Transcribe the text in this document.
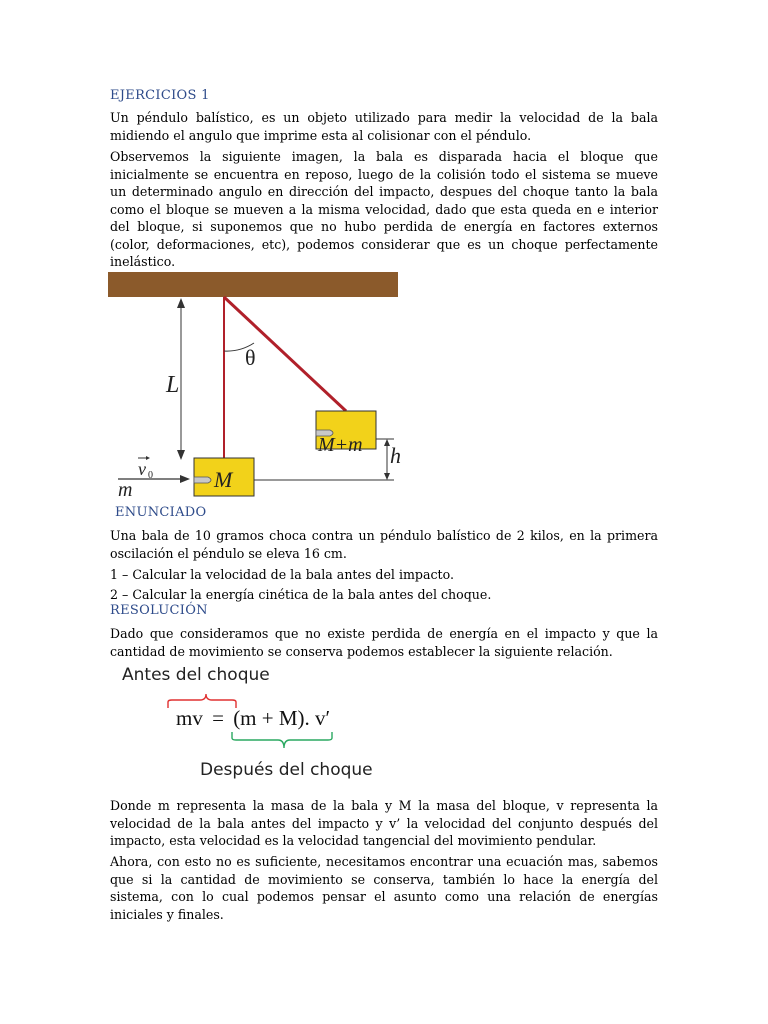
EJERCICIOS 1

Un péndulo balístico, es un objeto utilizado para medir la velocidad de la bala midiendo el angulo que imprime esta al colisionar con el péndulo.

Observemos la siguiente imagen, la bala es disparada hacia el bloque que inicialmente se encuentra en reposo, luego de la colisión todo el sistema se mueve un determinado angulo en dirección del impacto, despues del choque tanto la bala como el bloque se mueven a la misma velocidad, dado que esta queda en e interior del bloque, si suponemos que no hubo perdida de energía en factores externos (color, deformaciones, etc), podemos considerar que es un choque perfectamente inelástico.

L
θ
M
M+m h
v 0
m
ENUNCIADO

Una bala de 10 gramos choca contra un péndulo balístico de 2 kilos, en la primera oscilación el péndulo se eleva 16 cm.

1 – Calcular la velocidad de la bala antes del impacto.

2 – Calcular la energía cinética de la bala antes del choque.

RESOLUCIÓN

Dado que consideramos que no existe perdida de energía en el impacto y que la cantidad de movimiento se conserva podemos establecer la siguiente relación.

Antes del choque
mv = (m + M). v′
Después del choque

Donde m representa la masa de la bala y M la masa del bloque, v representa la velocidad de la bala antes del impacto y v’ la velocidad del conjunto después del impacto, esta velocidad es la velocidad tangencial del movimiento pendular.

Ahora, con esto no es suficiente, necesitamos encontrar una ecuación mas, sabemos que si la cantidad de movimiento se conserva, también lo hace la energía del sistema, con lo cual podemos pensar el asunto como una relación de energías iniciales y finales.
